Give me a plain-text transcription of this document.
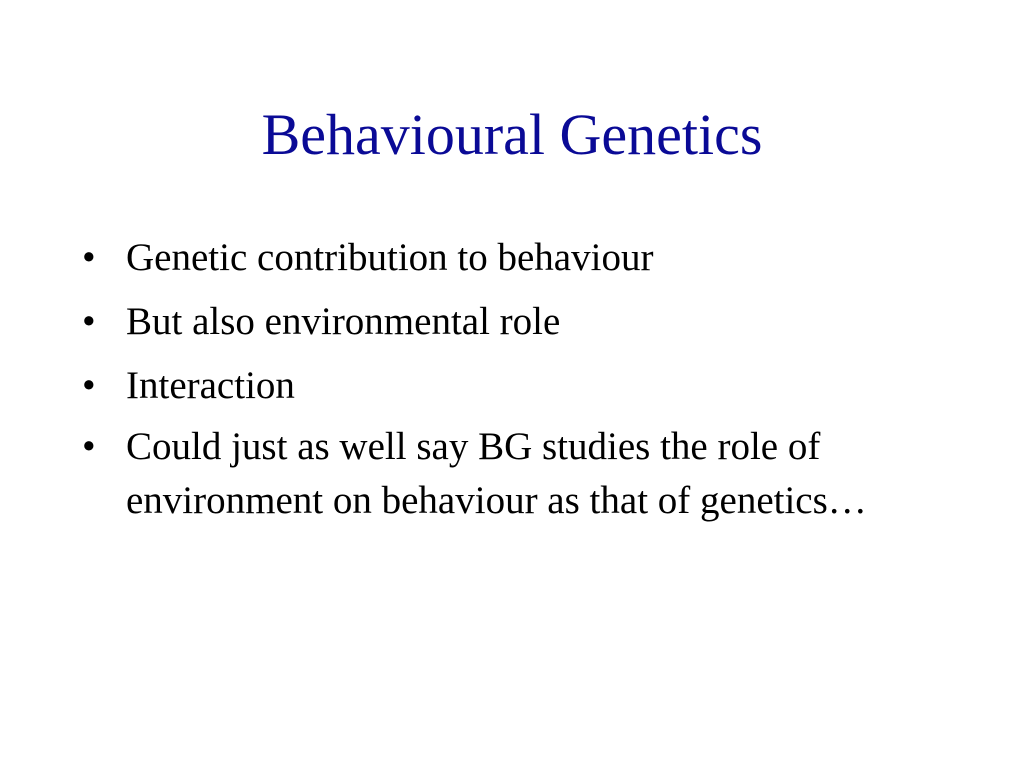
Behavioural Genetics
• Genetic contribution to behaviour
• But also environmental role
• Interaction
• Could just as well say BG studies the role of environment on behaviour as that of genetics…
